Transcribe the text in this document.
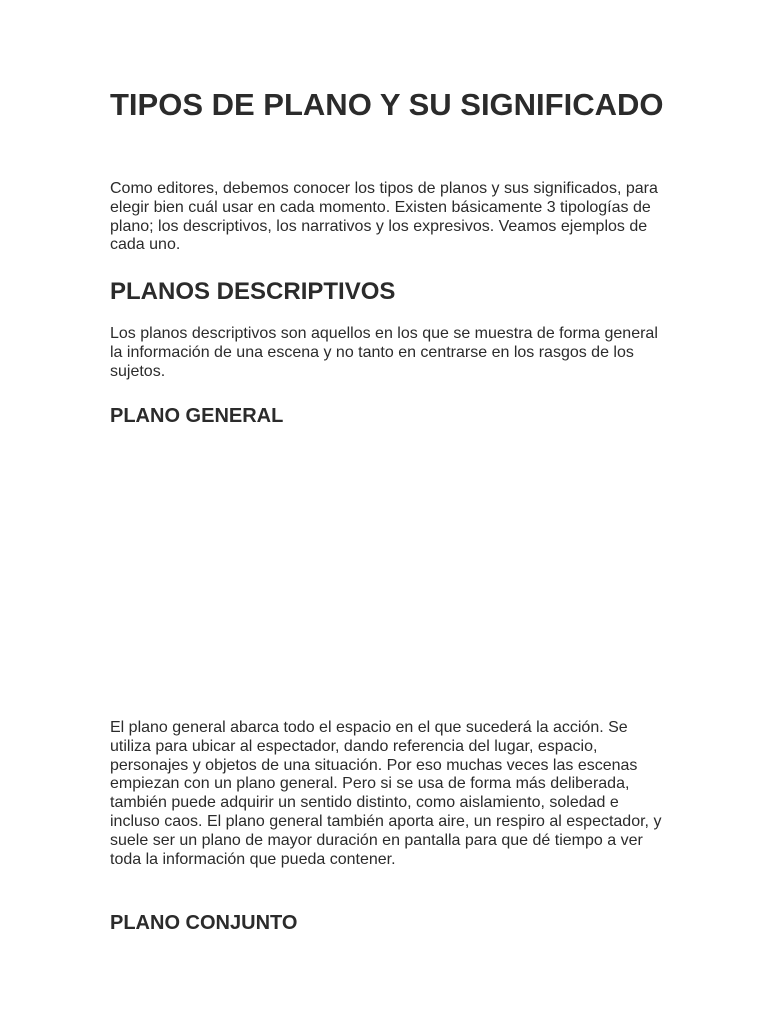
TIPOS DE PLANO Y SU SIGNIFICADO

Como editores, debemos conocer los tipos de planos y sus significados, para elegir bien cuál usar en cada momento. Existen básicamente 3 tipologías de plano; los descriptivos, los narrativos y los expresivos. Veamos ejemplos de cada uno.

PLANOS DESCRIPTIVOS

Los planos descriptivos son aquellos en los que se muestra de forma general la información de una escena y no tanto en centrarse en los rasgos de los sujetos.

PLANO GENERAL

El plano general abarca todo el espacio en el que sucederá la acción. Se utiliza para ubicar al espectador, dando referencia del lugar, espacio, personajes y objetos de una situación. Por eso muchas veces las escenas empiezan con un plano general. Pero si se usa de forma más deliberada, también puede adquirir un sentido distinto, como aislamiento, soledad e incluso caos. El plano general también aporta aire, un respiro al espectador, y suele ser un plano de mayor duración en pantalla para que dé tiempo a ver toda la información que pueda contener.

PLANO CONJUNTO
